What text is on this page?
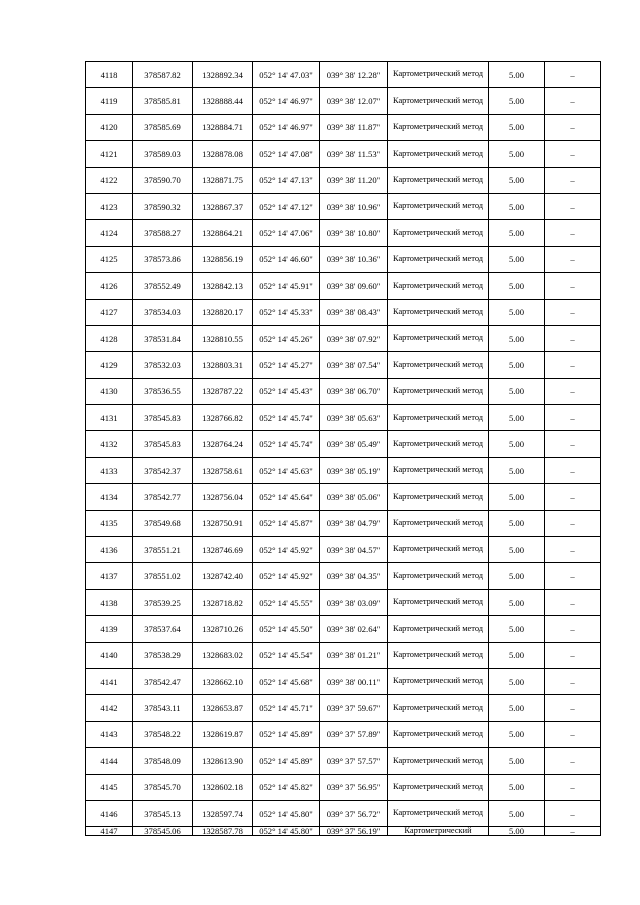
4118	378587.82	1328892.34	052° 14' 47.03"	039° 38' 12.28"	Картометрический метод	5.00	–
4119	378585.81	1328888.44	052° 14' 46.97"	039° 38' 12.07"	Картометрический метод	5.00	–
4120	378585.69	1328884.71	052° 14' 46.97"	039° 38' 11.87"	Картометрический метод	5.00	–
4121	378589.03	1328878.08	052° 14' 47.08"	039° 38' 11.53"	Картометрический метод	5.00	–
4122	378590.70	1328871.75	052° 14' 47.13"	039° 38' 11.20"	Картометрический метод	5.00	–
4123	378590.32	1328867.37	052° 14' 47.12"	039° 38' 10.96"	Картометрический метод	5.00	–
4124	378588.27	1328864.21	052° 14' 47.06"	039° 38' 10.80"	Картометрический метод	5.00	–
4125	378573.86	1328856.19	052° 14' 46.60"	039° 38' 10.36"	Картометрический метод	5.00	–
4126	378552.49	1328842.13	052° 14' 45.91"	039° 38' 09.60"	Картометрический метод	5.00	–
4127	378534.03	1328820.17	052° 14' 45.33"	039° 38' 08.43"	Картометрический метод	5.00	–
4128	378531.84	1328810.55	052° 14' 45.26"	039° 38' 07.92"	Картометрический метод	5.00	–
4129	378532.03	1328803.31	052° 14' 45.27"	039° 38' 07.54"	Картометрический метод	5.00	–
4130	378536.55	1328787.22	052° 14' 45.43"	039° 38' 06.70"	Картометрический метод	5.00	–
4131	378545.83	1328766.82	052° 14' 45.74"	039° 38' 05.63"	Картометрический метод	5.00	–
4132	378545.83	1328764.24	052° 14' 45.74"	039° 38' 05.49"	Картометрический метод	5.00	–
4133	378542.37	1328758.61	052° 14' 45.63"	039° 38' 05.19"	Картометрический метод	5.00	–
4134	378542.77	1328756.04	052° 14' 45.64"	039° 38' 05.06"	Картометрический метод	5.00	–
4135	378549.68	1328750.91	052° 14' 45.87"	039° 38' 04.79"	Картометрический метод	5.00	–
4136	378551.21	1328746.69	052° 14' 45.92"	039° 38' 04.57"	Картометрический метод	5.00	–
4137	378551.02	1328742.40	052° 14' 45.92"	039° 38' 04.35"	Картометрический метод	5.00	–
4138	378539.25	1328718.82	052° 14' 45.55"	039° 38' 03.09"	Картометрический метод	5.00	–
4139	378537.64	1328710.26	052° 14' 45.50"	039° 38' 02.64"	Картометрический метод	5.00	–
4140	378538.29	1328683.02	052° 14' 45.54"	039° 38' 01.21"	Картометрический метод	5.00	–
4141	378542.47	1328662.10	052° 14' 45.68"	039° 38' 00.11"	Картометрический метод	5.00	–
4142	378543.11	1328653.87	052° 14' 45.71"	039° 37' 59.67"	Картометрический метод	5.00	–
4143	378548.22	1328619.87	052° 14' 45.89"	039° 37' 57.89"	Картометрический метод	5.00	–
4144	378548.09	1328613.90	052° 14' 45.89"	039° 37' 57.57"	Картометрический метод	5.00	–
4145	378545.70	1328602.18	052° 14' 45.82"	039° 37' 56.95"	Картометрический метод	5.00	–
4146	378545.13	1328597.74	052° 14' 45.80"	039° 37' 56.72"	Картометрический метод	5.00	–
4147	378545.06	1328587.78	052° 14' 45.80"	039° 37' 56.19"	Картометрический	5.00	–
